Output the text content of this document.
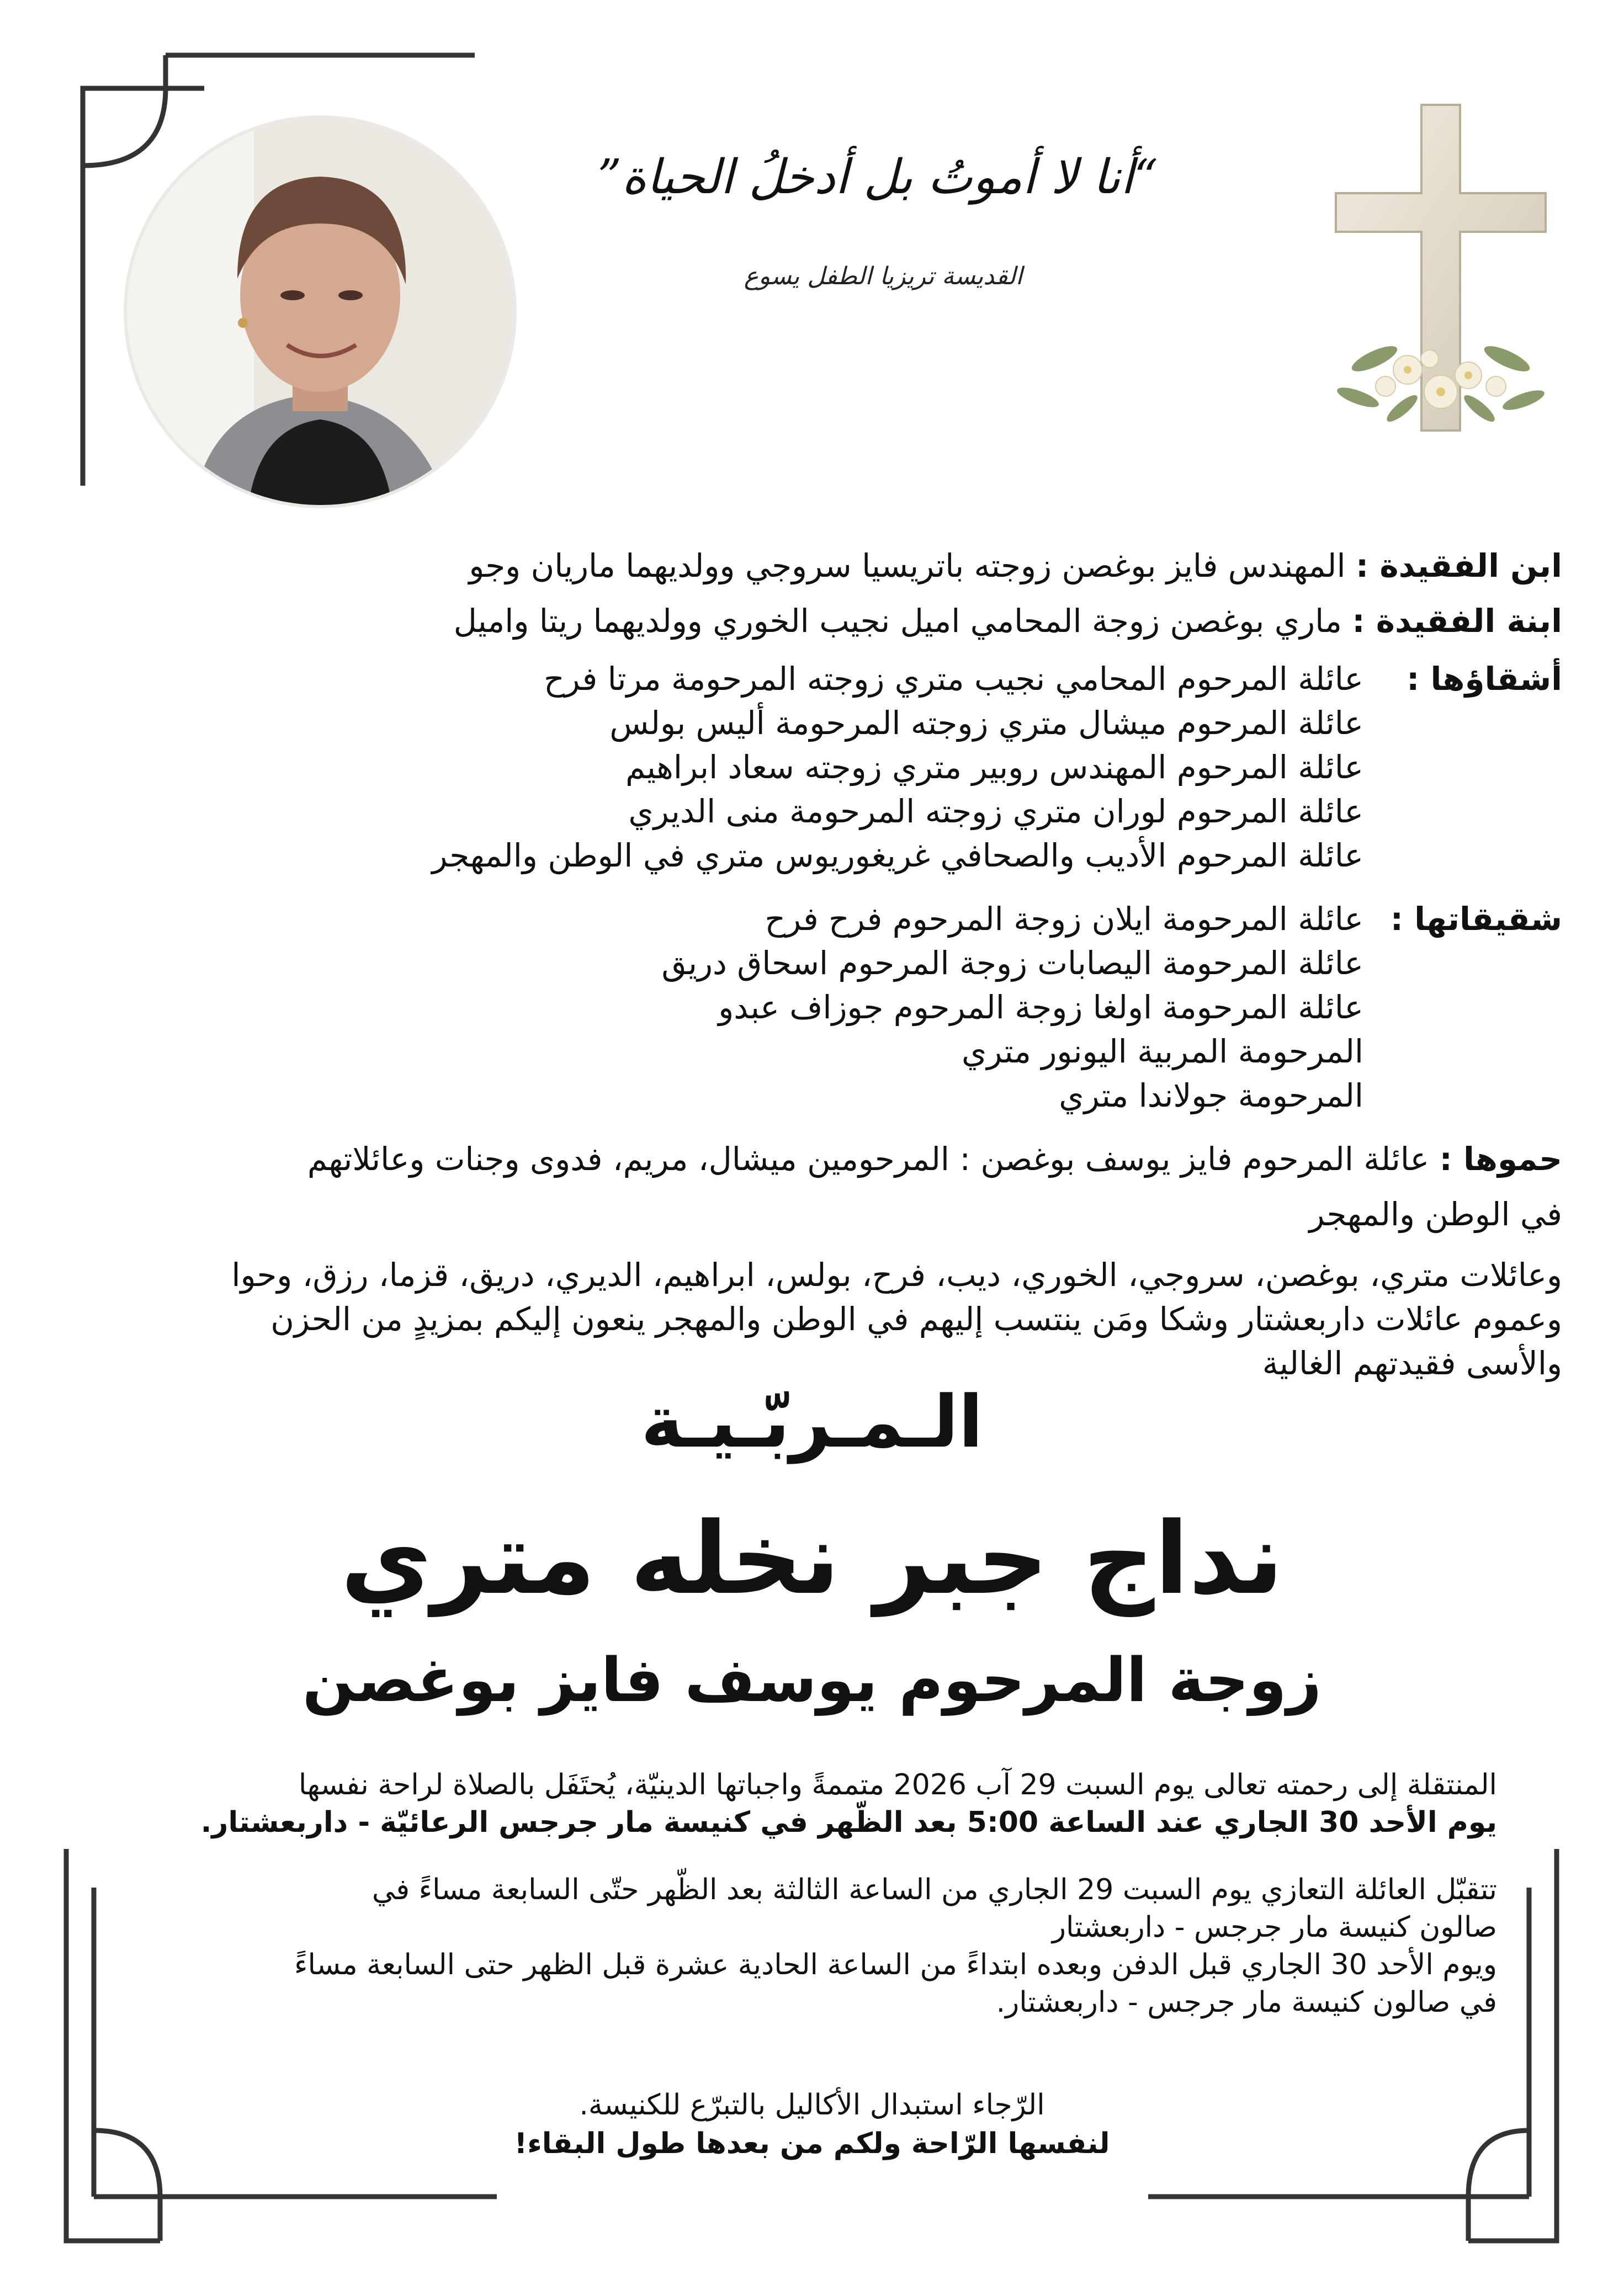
“أنا لا أموتُ بل أدخلُ الحياة”
القديسة تريزيا الطفل يسوع
ابن الفقيدة : المهندس فايز بوغصن زوجته باتريسيا سروجي وولديهما ماريان وجو
ابنة الفقيدة : ماري بوغصن زوجة المحامي اميل نجيب الخوري وولديهما ريتا واميل
أشقاؤها :
عائلة المرحوم المحامي نجيب متري زوجته المرحومة مرتا فرح
عائلة المرحوم ميشال متري زوجته المرحومة أليس بولس
عائلة المرحوم المهندس روبير متري زوجته سعاد ابراهيم
عائلة المرحوم لوران متري زوجته المرحومة منى الديري
عائلة المرحوم الأديب والصحافي غريغوريوس متري في الوطن والمهجر
شقيقاتها :
عائلة المرحومة ايلان زوجة المرحوم فرح فرح
عائلة المرحومة اليصابات زوجة المرحوم اسحاق دريق
عائلة المرحومة اولغا زوجة المرحوم جوزاف عبدو
المرحومة المربية اليونور متري
المرحومة جولاندا متري
حموها : عائلة المرحوم فايز يوسف بوغصن : المرحومين ميشال، مريم، فدوى وجنات وعائلاتهم
في الوطن والمهجر
وعائلات متري، بوغصن، سروجي، الخوري، ديب، فرح، بولس، ابراهيم، الديري، دريق، قزما، رزق، وحوا
وعموم عائلات داربعشتار وشكا ومَن ينتسب إليهم في الوطن والمهجر ينعون إليكم بمزيدٍ من الحزن
والأسى فقيدتهم الغالية
الـمـربّـيـة
نداج جبر نخله متري
زوجة المرحوم يوسف فايز بوغصن
المنتقلة إلى رحمته تعالى يوم السبت 29 آب 2026 متممةً واجباتها الدينيّة، يُحتَفَل بالصلاة لراحة نفسها
يوم الأحد 30 الجاري عند الساعة 5:00 بعد الظّهر في كنيسة مار جرجس الرعائيّة - داربعشتار.
تتقبّل العائلة التعازي يوم السبت 29 الجاري من الساعة الثالثة بعد الظّهر حتّى السابعة مساءً في
صالون كنيسة مار جرجس - داربعشتار
ويوم الأحد 30 الجاري قبل الدفن وبعده ابتداءً من الساعة الحادية عشرة قبل الظهر حتى السابعة مساءً
في صالون كنيسة مار جرجس - داربعشتار.
الرّجاء استبدال الأكاليل بالتبرّع للكنيسة.
لنفسها الرّاحة ولكم من بعدها طول البقاء!
